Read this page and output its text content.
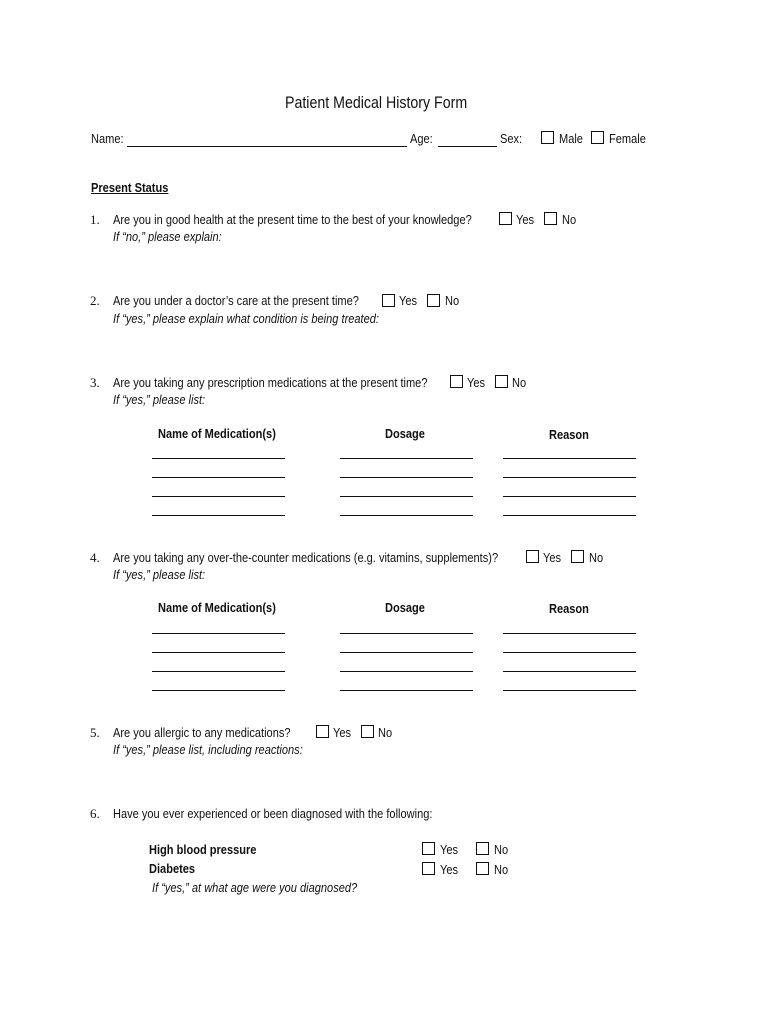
Patient Medical History Form
Name:	Age:	Sex:	Male Female
Present Status
1. Are you in good health at the present time to the best of your knowledge?	Yes No
If “no,” please explain:
2. Are you under a doctor’s care at the present time?	Yes No
If “yes,” please explain what condition is being treated:
3. Are you taking any prescription medications at the present time?	Yes No
If “yes,” please list:
Name of Medication(s)	Dosage	Reason
4. Are you taking any over-the-counter medications (e.g. vitamins, supplements)?	Yes No
If “yes,” please list:
Name of Medication(s)	Dosage	Reason
5. Are you allergic to any medications?	Yes No
If “yes,” please list, including reactions:
6. Have you ever experienced or been diagnosed with the following:
High blood pressure	Yes	No
Diabetes	Yes	No
If “yes,” at what age were you diagnosed?
